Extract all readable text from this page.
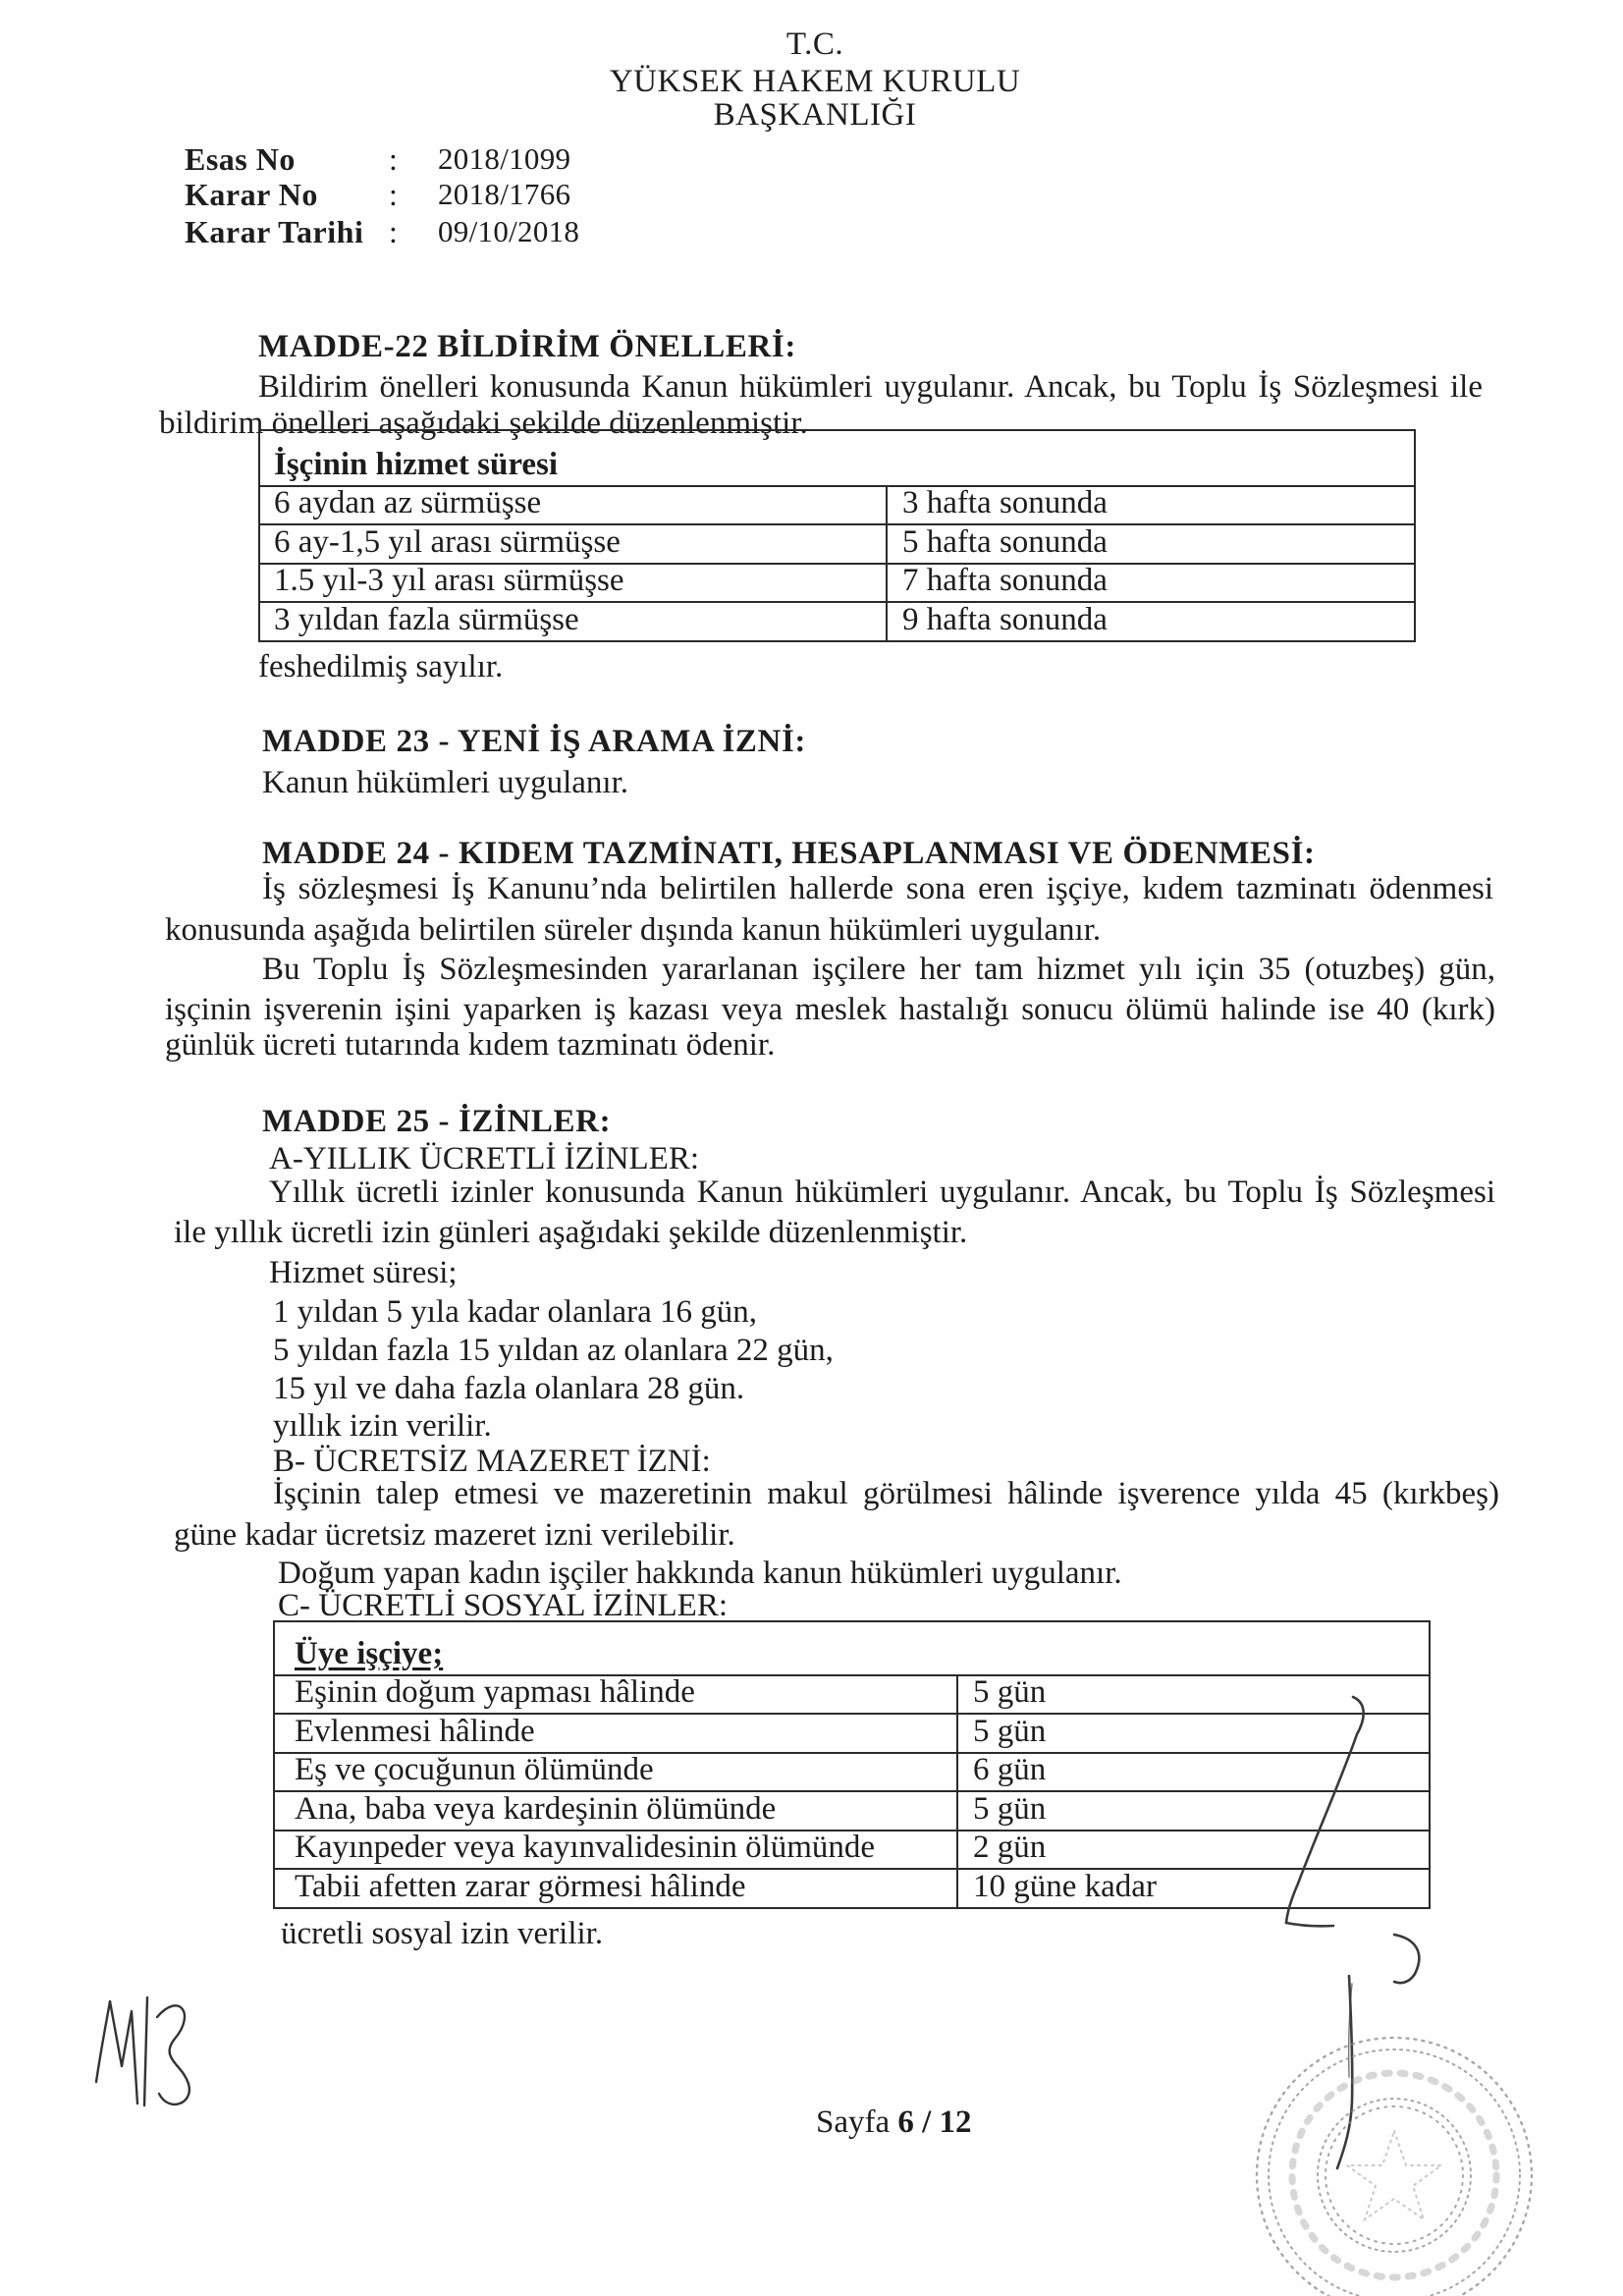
T.C.
YÜKSEK HAKEM KURULU
BAŞKANLIĞI
Esas No	: 2018/1099
Karar No : 2018/1766
Karar Tarihi : 09/10/2018
MADDE-22 BİLDİRİM ÖNELLERİ:
Bildirim önelleri konusunda Kanun hükümleri uygulanır. Ancak, bu Toplu İş Sözleşmesi ile
bildirim önelleri aşağıdaki şekilde düzenlenmiştir.
İşçinin hizmet süresi	
6 aydan az sürmüşse	3 hafta sonunda
6 ay-1,5 yıl arası sürmüşse	5 hafta sonunda
1.5 yıl-3 yıl arası sürmüşse	7 hafta sonunda
3 yıldan fazla sürmüşse	9 hafta sonunda
feshedilmiş sayılır.
MADDE 23 - YENİ İŞ ARAMA İZNİ:
Kanun hükümleri uygulanır.
MADDE 24 - KIDEM TAZMİNATI, HESAPLANMASI VE ÖDENMESİ:
İş sözleşmesi İş Kanunu’nda belirtilen hallerde sona eren işçiye, kıdem tazminatı ödenmesi
konusunda aşağıda belirtilen süreler dışında kanun hükümleri uygulanır.
Bu Toplu İş Sözleşmesinden yararlanan işçilere her tam hizmet yılı için 35 (otuzbeş) gün,
işçinin işverenin işini yaparken iş kazası veya meslek hastalığı sonucu ölümü halinde ise 40 (kırk)
günlük ücreti tutarında kıdem tazminatı ödenir.
MADDE 25 - İZİNLER:
A-YILLIK ÜCRETLİ İZİNLER:
Yıllık ücretli izinler konusunda Kanun hükümleri uygulanır. Ancak, bu Toplu İş Sözleşmesi
ile yıllık ücretli izin günleri aşağıdaki şekilde düzenlenmiştir.
Hizmet süresi;
1 yıldan 5 yıla kadar olanlara 16 gün,
5 yıldan fazla 15 yıldan az olanlara 22 gün,
15 yıl ve daha fazla olanlara 28 gün.
yıllık izin verilir.
B- ÜCRETSİZ MAZERET İZNİ:
İşçinin talep etmesi ve mazeretinin makul görülmesi hâlinde işverence yılda 45 (kırkbeş)
güne kadar ücretsiz mazeret izni verilebilir.
Doğum yapan kadın işçiler hakkında kanun hükümleri uygulanır.
C- ÜCRETLİ SOSYAL İZİNLER:
Üye işçiye;	
Eşinin doğum yapması hâlinde	5 gün
Evlenmesi hâlinde	5 gün
Eş ve çocuğunun ölümünde	6 gün
Ana, baba veya kardeşinin ölümünde	5 gün
Kayınpeder veya kayınvalidesinin ölümünde	2 gün
Tabii afetten zarar görmesi hâlinde	10 güne kadar
ücretli sosyal izin verilir.
Sayfa 6 / 12
